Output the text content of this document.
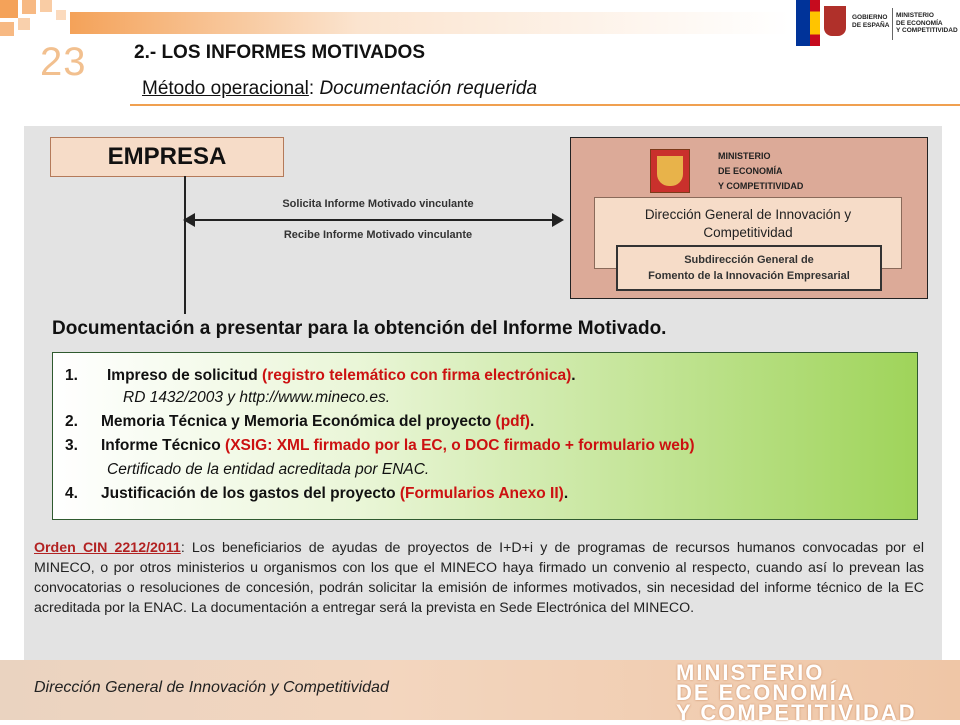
23	2.- LOS INFORMES MOTIVADOS
Método operacional: Documentación requerida
GOBIERNO
DE ESPAÑA
MINISTERIO
DE ECONOMÍA
Y COMPETITIVIDAD
EMPRESA
Solicita Informe Motivado vinculante
Recibe Informe Motivado vinculante
MINISTERIO
DE ECONOMÍA
Y COMPETITIVIDAD
Dirección General de Innovación y
Competitividad
Subdirección General de
Fomento de la Innovación Empresarial
Documentación a presentar para la obtención del Informe Motivado.
1. Impreso de solicitud (registro telemático con firma electrónica).
RD 1432/2003 y http://www.mineco.es.
2. Memoria Técnica y Memoria Económica del proyecto (pdf).
3. Informe Técnico (XSIG: XML firmado por la EC, o DOC firmado + formulario web)
Certificado de la entidad acreditada por ENAC.
4. Justificación de los gastos del proyecto (Formularios Anexo II).
Orden CIN 2212/2011: Los beneficiarios de ayudas de proyectos de I+D+i y de programas de recursos humanos convocadas por el MINECO, o por otros ministerios u organismos con los que el MINECO haya firmado un convenio al respecto, cuando así lo prevean las convocatorias o resoluciones de concesión, podrán solicitar la emisión de informes motivados, sin necesidad del informe técnico de la EC acreditada por la ENAC. La documentación a entregar será la prevista en Sede Electrónica del MINECO.
Dirección General de Innovación y Competitividad
MINISTERIO
DE ECONOMÍA
Y COMPETITIVIDAD
